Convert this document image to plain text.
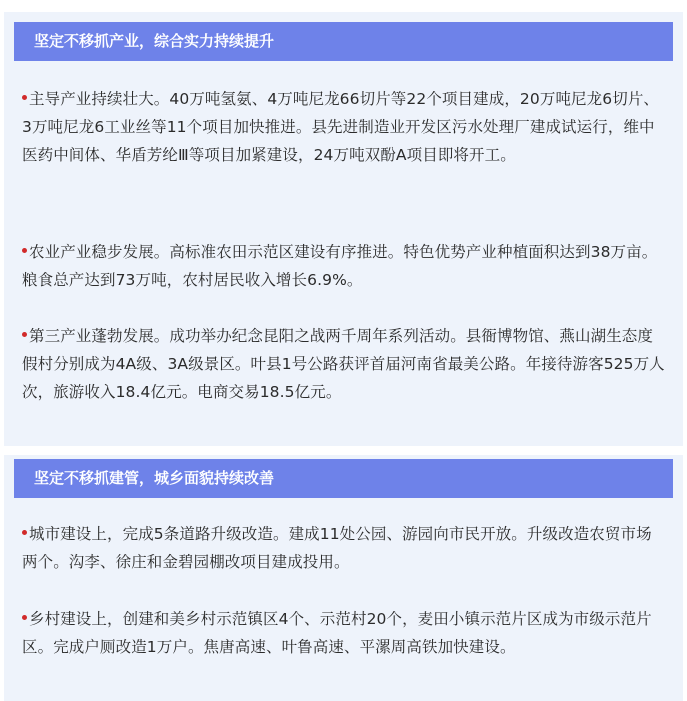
坚定不移抓产业，综合实力持续提升

主导产业持续壮大。40万吨氢氨、4万吨尼龙66切片等22个项目建成，20万吨尼龙6切片、3万吨尼龙6工业丝等11个项目加快推进。县先进制造业开发区污水处理厂建成试运行，维中医药中间体、华盾芳纶Ⅲ等项目加紧建设，24万吨双酚A项目即将开工。

农业产业稳步发展。高标准农田示范区建设有序推进。特色优势产业种植面积达到38万亩。粮食总产达到73万吨，农村居民收入增长6.9%。

第三产业蓬勃发展。成功举办纪念昆阳之战两千周年系列活动。县衙博物馆、燕山湖生态度假村分别成为4A级、3A级景区。叶县1号公路获评首届河南省最美公路。年接待游客525万人次，旅游收入18.4亿元。电商交易18.5亿元。

坚定不移抓建管，城乡面貌持续改善

城市建设上，完成5条道路升级改造。建成11处公园、游园向市民开放。升级改造农贸市场两个。沟李、徐庄和金碧园棚改项目建成投用。

乡村建设上，创建和美乡村示范镇区4个、示范村20个，麦田小镇示范片区成为市级示范片区。完成户厕改造1万户。焦唐高速、叶鲁高速、平漯周高铁加快建设。
